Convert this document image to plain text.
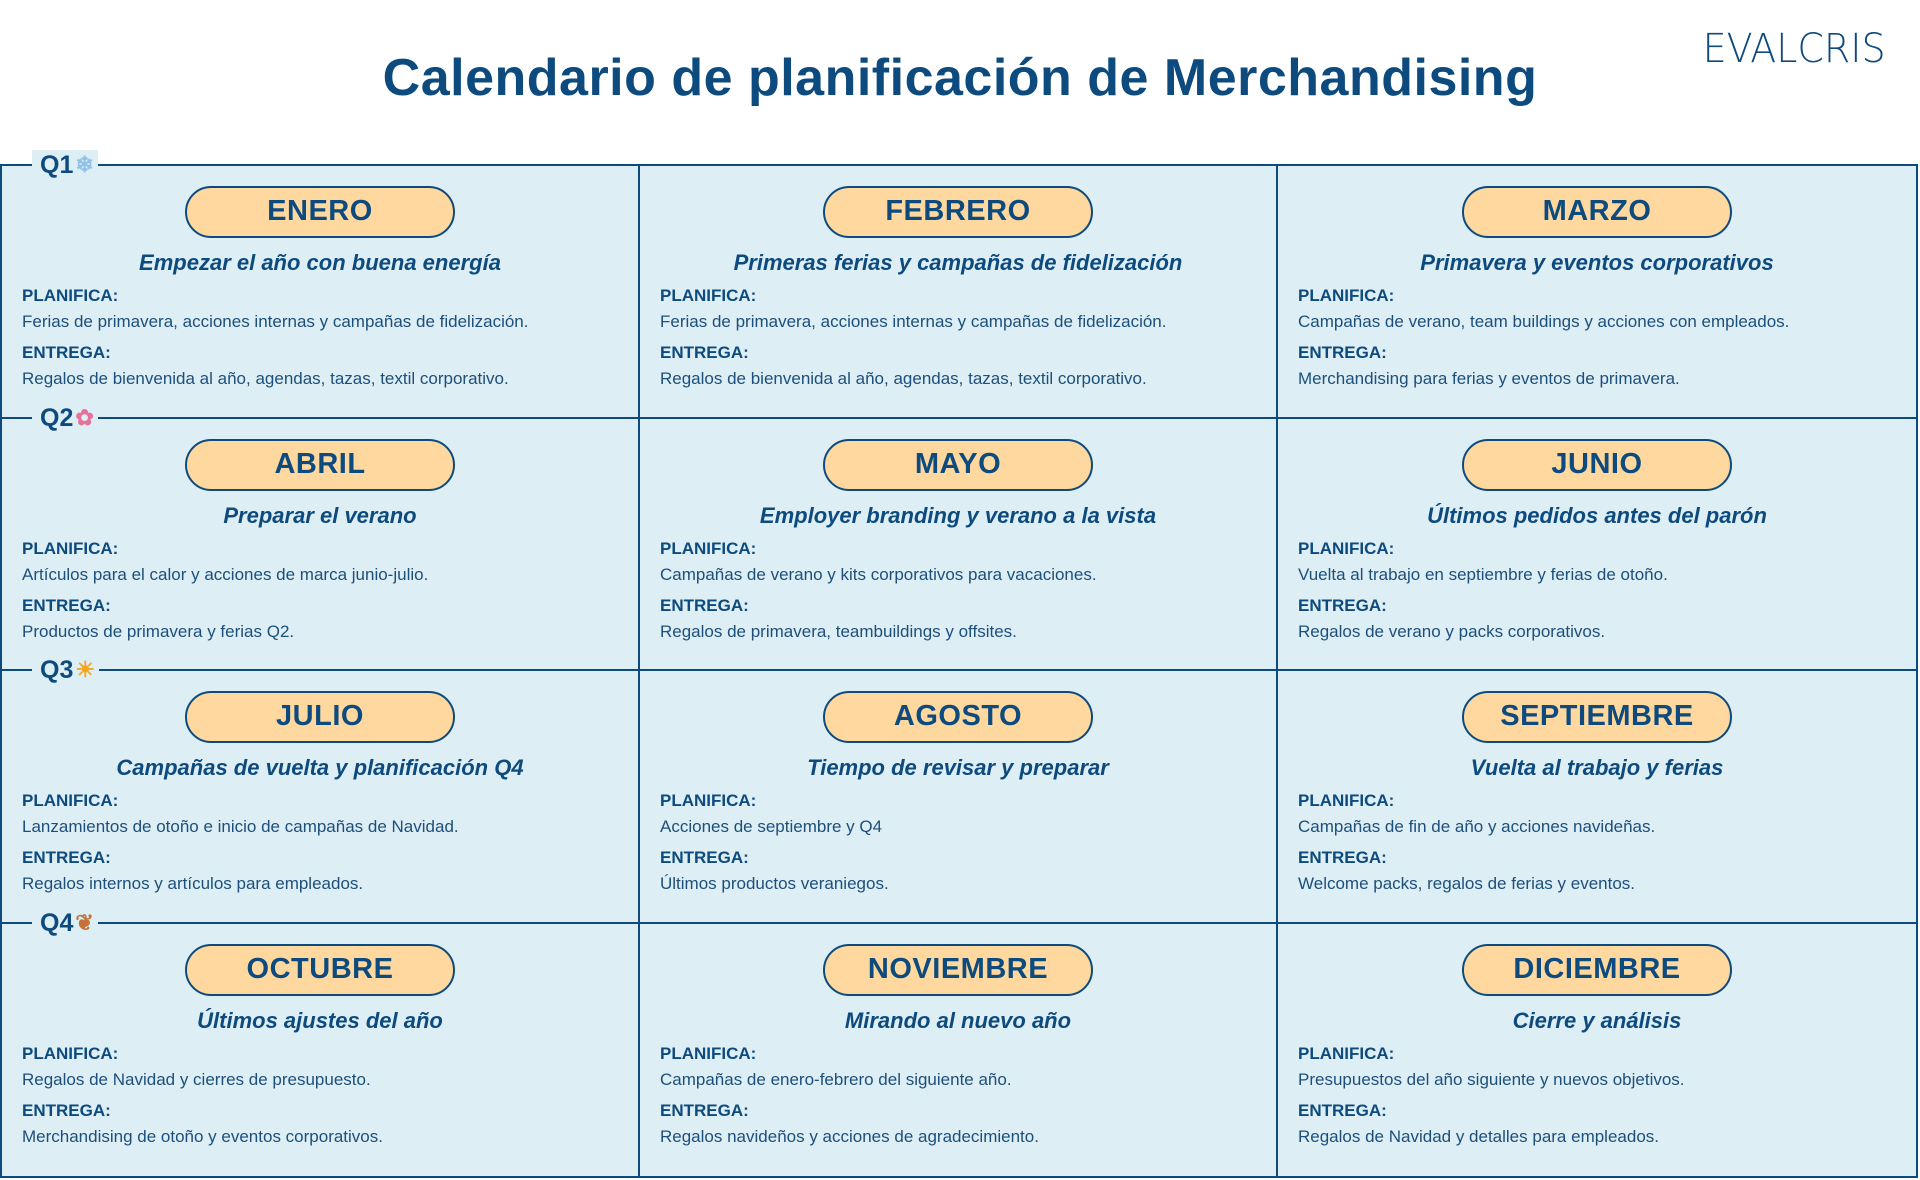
EVALCRIS
Calendario de planificación de Merchandising
Q1 ❄
ENERO
Empezar el año con buena energía
PLANIFICA:
Ferias de primavera, acciones internas y campañas de fidelización.
ENTREGA:
Regalos de bienvenida al año, agendas, tazas, textil corporativo.
FEBRERO
Primeras ferias y campañas de fidelización
PLANIFICA:
Ferias de primavera, acciones internas y campañas de fidelización.
ENTREGA:
Regalos de bienvenida al año, agendas, tazas, textil corporativo.
MARZO
Primavera y eventos corporativos
PLANIFICA:
Campañas de verano, team buildings y acciones con empleados.
ENTREGA:
Merchandising para ferias y eventos de primavera.
Q2 ✿
ABRIL
Preparar el verano
PLANIFICA:
Artículos para el calor y acciones de marca junio-julio.
ENTREGA:
Productos de primavera y ferias Q2.
MAYO
Employer branding y verano a la vista
PLANIFICA:
Campañas de verano y kits corporativos para vacaciones.
ENTREGA:
Regalos de primavera, teambuildings y offsites.
JUNIO
Últimos pedidos antes del parón
PLANIFICA:
Vuelta al trabajo en septiembre y ferias de otoño.
ENTREGA:
Regalos de verano y packs corporativos.
Q3 ☀
JULIO
Campañas de vuelta y planificación Q4
PLANIFICA:
Lanzamientos de otoño e inicio de campañas de Navidad.
ENTREGA:
Regalos internos y artículos para empleados.
AGOSTO
Tiempo de revisar y preparar
PLANIFICA:
Acciones de septiembre y Q4
ENTREGA:
Últimos productos veraniegos.
SEPTIEMBRE
Vuelta al trabajo y ferias
PLANIFICA:
Campañas de fin de año y acciones navideñas.
ENTREGA:
Welcome packs, regalos de ferias y eventos.
Q4 ❦
OCTUBRE
Últimos ajustes del año
PLANIFICA:
Regalos de Navidad y cierres de presupuesto.
ENTREGA:
Merchandising de otoño y eventos corporativos.
NOVIEMBRE
Mirando al nuevo año
PLANIFICA:
Campañas de enero-febrero del siguiente año.
ENTREGA:
Regalos navideños y acciones de agradecimiento.
DICIEMBRE
Cierre y análisis
PLANIFICA:
Presupuestos del año siguiente y nuevos objetivos.
ENTREGA:
Regalos de Navidad y detalles para empleados.
